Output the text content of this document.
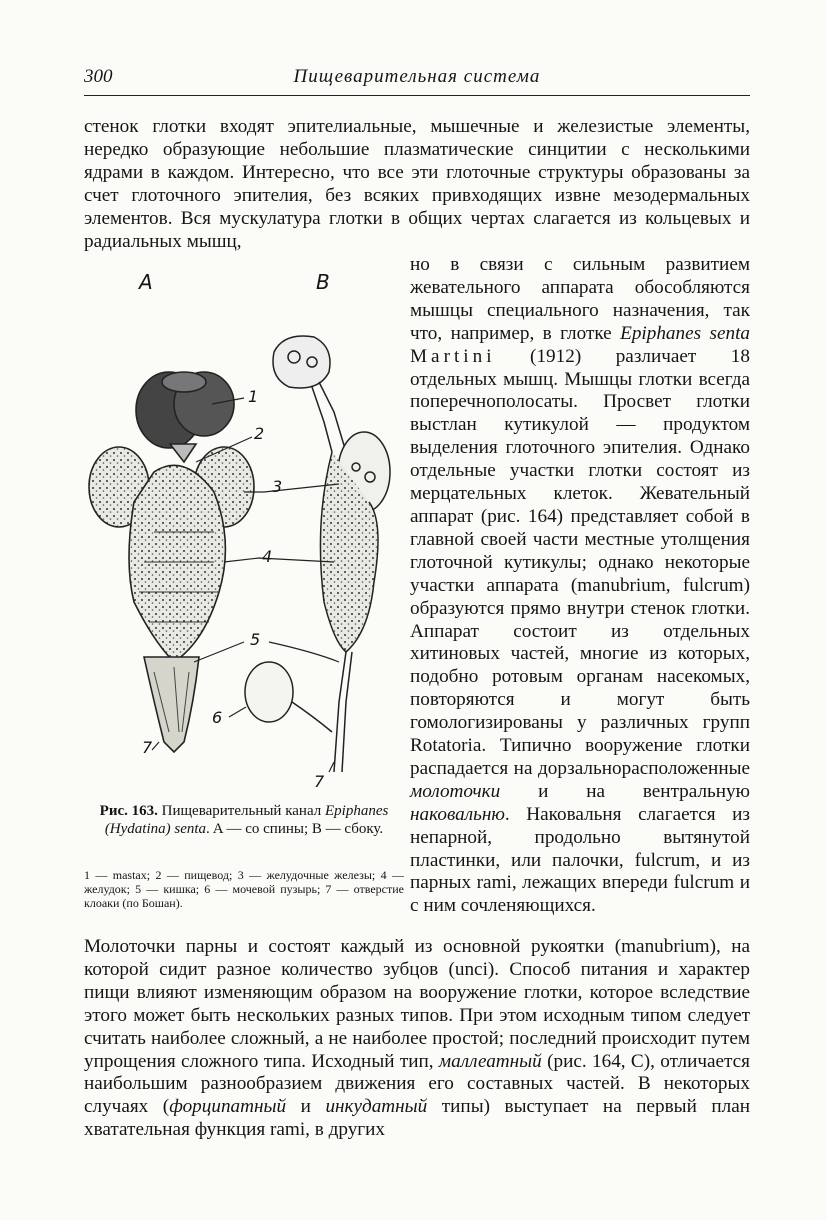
300	Пищеварительная система

стенок глотки входят эпителиальные, мышечные и железистые элементы, нередко образующие небольшие плазматические синцитии с несколькими ядрами в каждом. Интересно, что все эти глоточные структуры образованы за счет глоточного эпителия, без всяких привходящих извне мезодермальных элементов. Вся мускулатура глотки в общих чертах слагается из кольцевых и радиальных мышц,

A	B
1
2
3
4
5
6
7
7
Рис. 163. Пищеварительный канал Epiphanes (Hydatina) senta. A — со спины; B — сбоку.
1 — mastax; 2 — пищевод; 3 — желудочные железы; 4 — желудок; 5 — кишка; 6 — мочевой пузырь; 7 — отверстие клоаки (по Бошан).

но в связи с сильным развитием жевательного аппарата обособляются мышцы специального назначения, так что, например, в глотке Epiphanes senta Martini (1912) различает 18 отдельных мышц. Мышцы глотки всегда поперечнополосаты. Просвет глотки выстлан кутикулой — продуктом выделения глоточного эпителия. Однако отдельные участки глотки состоят из мерцательных клеток. Жевательный аппарат (рис. 164) представляет собой в главной своей части местные утолщения глоточной кутикулы; однако некоторые участки аппарата (manubrium, fulcrum) образуются прямо внутри стенок глотки. Аппарат состоит из отдельных хитиновых частей, многие из которых, подобно ротовым органам насекомых, повторяются и могут быть гомологизированы у различных групп Rotatoria. Типично вооружение глотки распадается на дорзальнорасположенные молоточки и на вентральную наковальню. Наковальня слагается из непарной, продольно вытянутой пластинки, или палочки, fulcrum, и из парных rami, лежащих впереди fulcrum и с ним сочленяющихся.

Молоточки парны и состоят каждый из основной рукоятки (manubrium), на которой сидит разное количество зубцов (unci). Способ питания и характер пищи влияют изменяющим образом на вооружение глотки, которое вследствие этого может быть нескольких разных типов. При этом исходным типом следует считать наиболее сложный, а не наиболее простой; последний происходит путем упрощения сложного типа. Исходный тип, маллеатный (рис. 164, C), отличается наибольшим разнообразием движения его составных частей. В некоторых случаях (форципатный и инкудатный типы) выступает на первый план хватательная функция rami, в других
